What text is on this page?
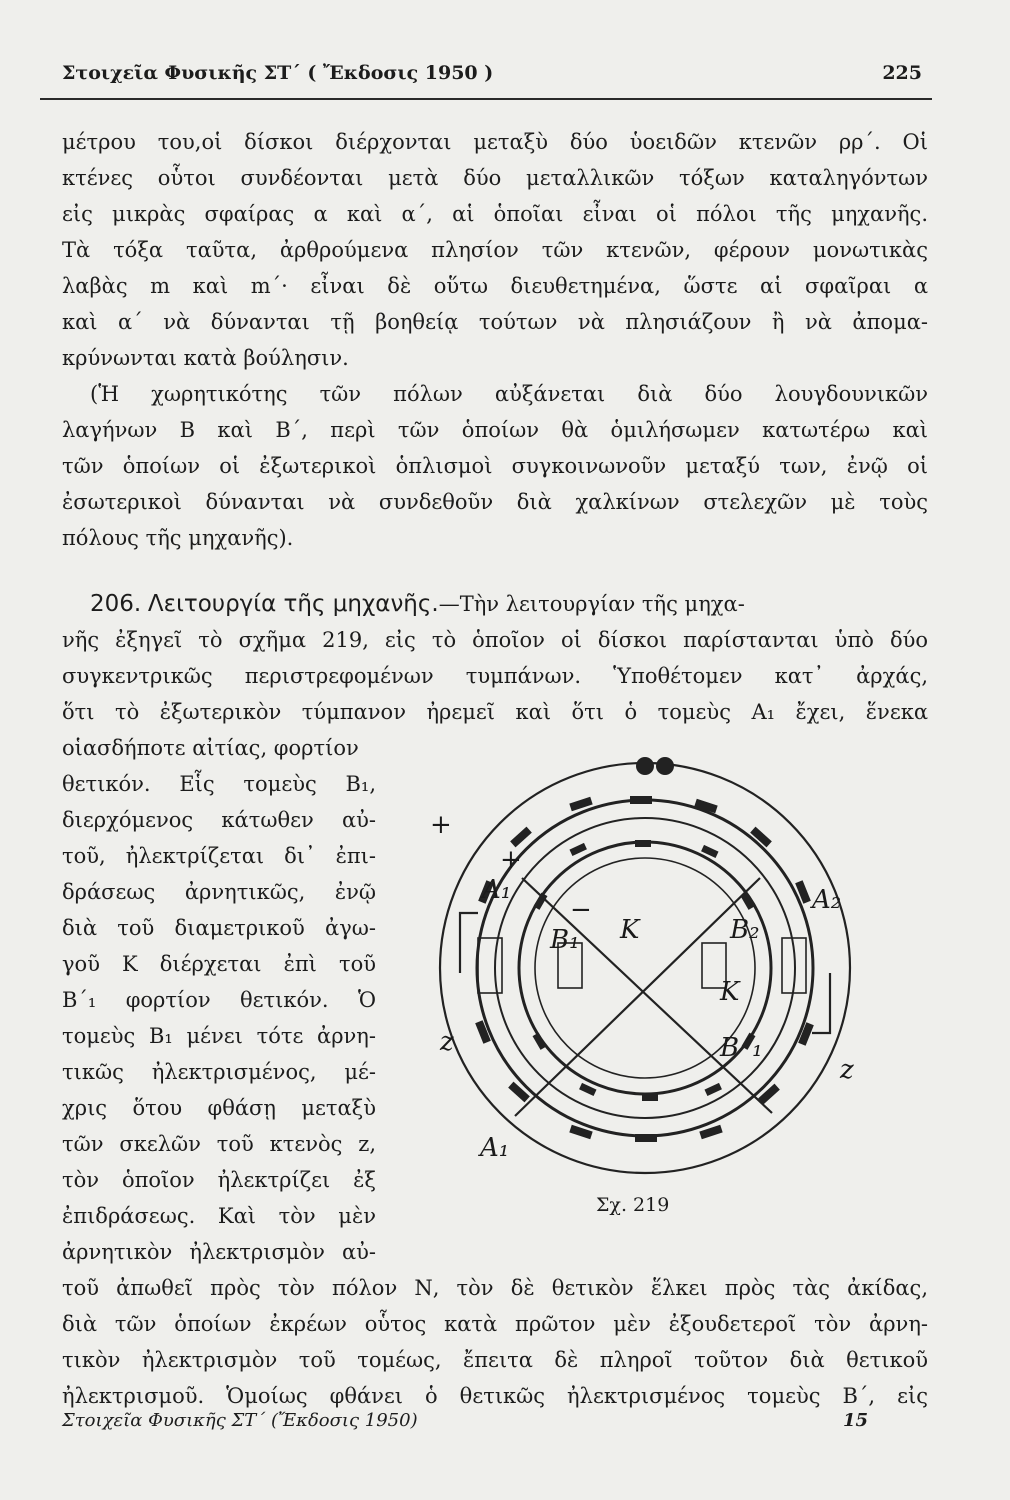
Στοιχεῖα Φυσικῆς ΣΤ΄ ( Ἔκδοσις 1950 )	225
μέτρου του,οἱ δίσκοι διέρχονται μεταξὺ δύο ὑοειδῶν κτενῶν ρρ΄. Οἱ
κτένες οὗτοι συνδέονται μετὰ δύο μεταλλικῶν τόξων καταληγόντων
εἰς μικρὰς σφαίρας α καὶ α΄, αἱ ὁποῖαι εἶναι οἱ πόλοι τῆς μηχανῆς.
Τὰ τόξα ταῦτα, ἀρθρούμενα πλησίον τῶν κτενῶν, φέρουν μονωτικὰς
λαβὰς m καὶ m΄· εἶναι δὲ οὕτω διευθετημένα, ὥστε αἱ σφαῖραι α
καὶ α΄ νὰ δύνανται τῇ βοηθείᾳ τούτων νὰ πλησιάζουν ἢ νὰ ἀπομα-
κρύνωνται κατὰ βούλησιν.
(Ἡ χωρητικότης τῶν πόλων αὐξάνεται διὰ δύο λουγδουνικῶν
λαγήνων Β καὶ Β΄, περὶ τῶν ὁποίων θὰ ὁμιλήσωμεν κατωτέρω καὶ
τῶν ὁποίων οἱ ἐξωτερικοὶ ὁπλισμοὶ συγκοινωνοῦν μεταξύ των, ἐνῷ οἱ
ἐσωτερικοὶ δύνανται νὰ συνδεθοῦν διὰ χαλκίνων στελεχῶν μὲ τοὺς
πόλους τῆς μηχανῆς).
206. Λειτουργία τῆς μηχανῆς.—Τὴν λειτουργίαν τῆς μηχα-
νῆς ἐξηγεῖ τὸ σχῆμα 219, εἰς τὸ ὁποῖον οἱ δίσκοι παρίστανται ὑπὸ δύο
συγκεντρικῶς περιστρεφομένων τυμπάνων. Ὑποθέτομεν κατ᾽ ἀρχάς,
ὅτι τὸ ἐξωτερικὸν τύμπανον ἠρεμεῖ καὶ ὅτι ὁ τομεὺς Α₁ ἔχει, ἕνεκα
οἱασδήποτε αἰτίας, φορτίον
θετικόν. Εἷς τομεὺς Β₁,
διερχόμενος κάτωθεν αὐ-
τοῦ, ἠλεκτρίζεται δι᾽ ἐπι-
δράσεως ἀρνητικῶς, ἐνῷ
διὰ τοῦ διαμετρικοῦ ἀγω-
γοῦ Κ διέρχεται ἐπὶ τοῦ
Β΄₁ φορτίον θετικόν. Ὁ
τομεὺς Β₁ μένει τότε ἀρνη-
τικῶς ἠλεκτρισμένος, μέ-
χρις ὅτου φθάσῃ μεταξὺ
τῶν σκελῶν τοῦ κτενὸς z,
τὸν ὁποῖον ἠλεκτρίζει ἐξ
ἐπιδράσεως. Καὶ τὸν μὲν
ἀρνητικὸν ἠλεκτρισμὸν αὐ-
τοῦ ἀπωθεῖ πρὸς τὸν πόλον Ν, τὸν δὲ θετικὸν ἕλκει πρὸς τὰς ἀκίδας,
διὰ τῶν ὁποίων ἐκρέων οὗτος κατὰ πρῶτον μὲν ἐξουδετεροῖ τὸν ἀρνη-
τικὸν ἠλεκτρισμὸν τοῦ τομέως, ἔπειτα δὲ πληροῖ τοῦτον διὰ θετικοῦ
ἠλεκτρισμοῦ. Ὁμοίως φθάνει ὁ θετικῶς ἠλεκτρισμένος τομεὺς Β΄, εἰς
A₁	A₂
A₁
B₁	B₂
B΄₁
K
K
z
z
+
+
−
Σχ. 219
Στοιχεῖα Φυσικῆς ΣΤ΄ (Ἔκδοσις 1950)	15
